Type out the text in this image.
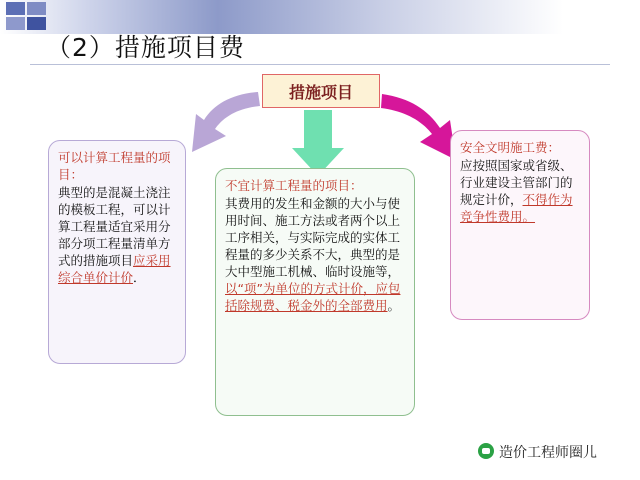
（2）措施项目费
措施项目
可以计算工程量的项目：
典型的是混凝土浇注的模板工程，可以计算工程量适宜采用分部分项工程量清单方式的措施项目应采用综合单价计价．
不宜计算工程量的项目：
其费用的发生和金额的大小与使用时间、施工方法或者两个以上工序相关，与实际完成的实体工程量的多少关系不大，典型的是大中型施工机械、临时设施等，以“项”为单位的方式计价，应包括除规费、税金外的全部费用。
安全文明施工费：
应按照国家或省级、行业建设主管部门的规定计价，不得作为竞争性费用。
造价工程师圈儿
